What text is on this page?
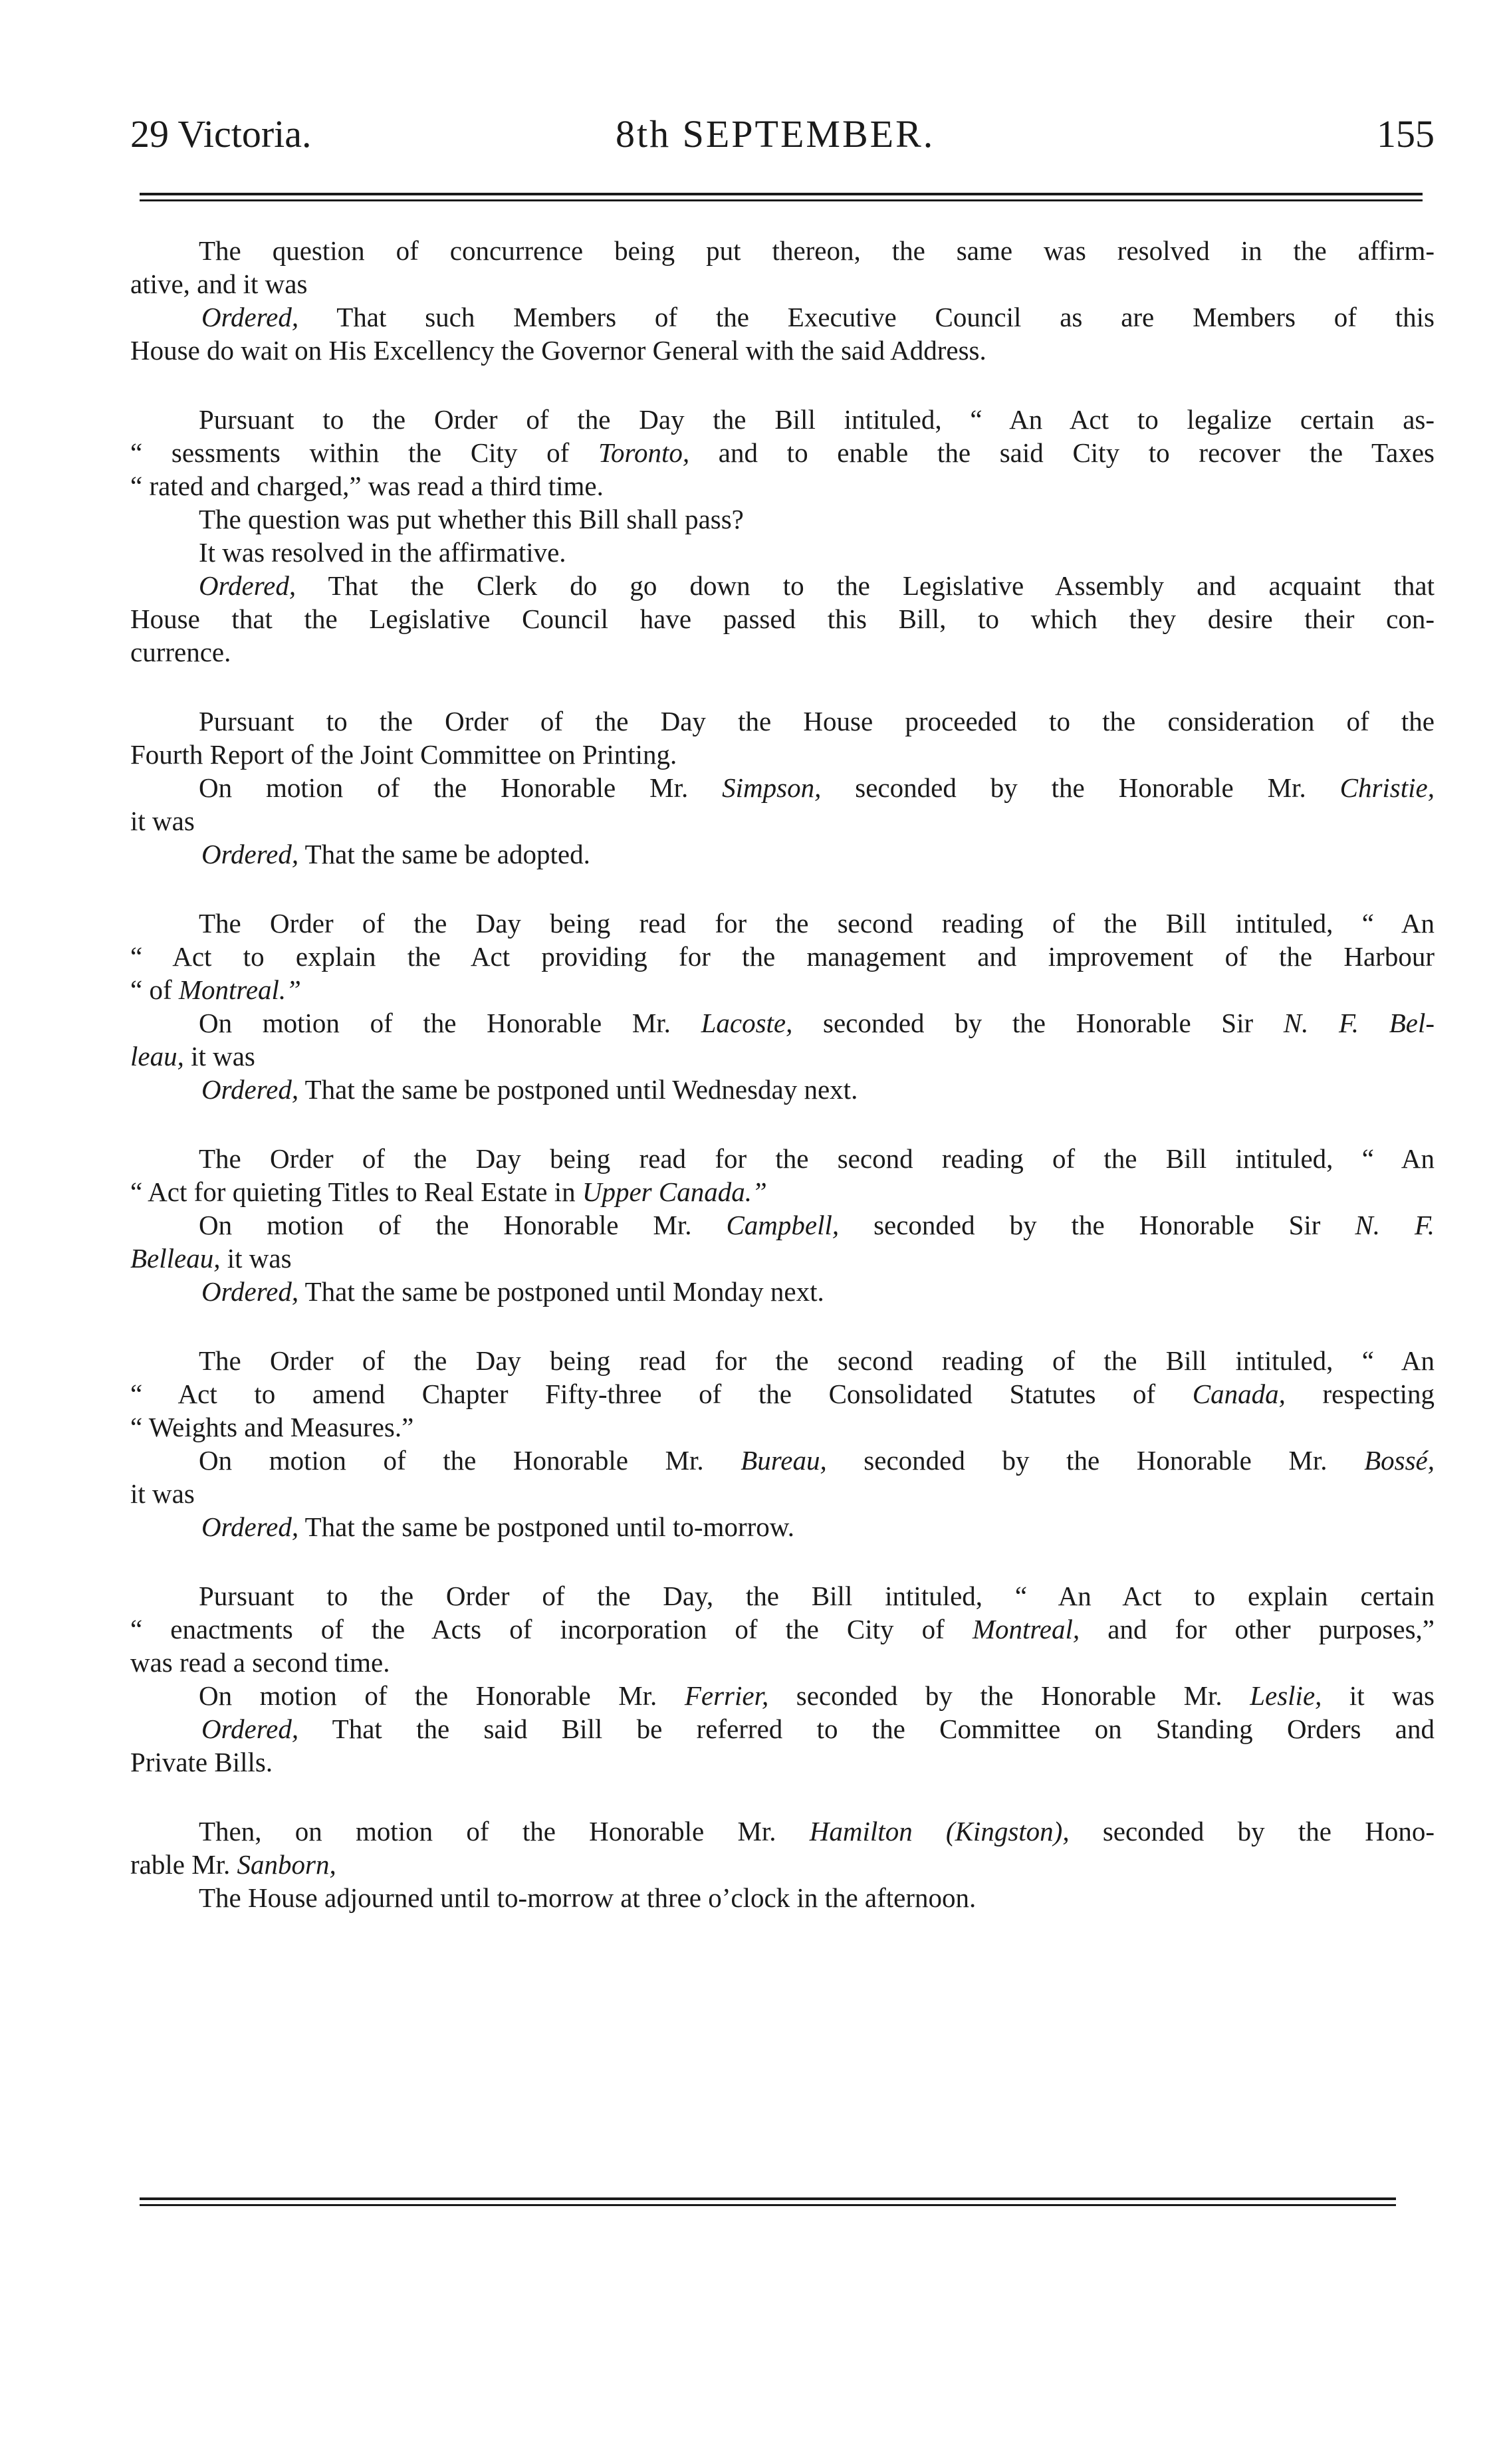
29 Victoria.	8th SEPTEMBER.	155
The question of concurrence being put thereon, the same was resolved in the affirm-
ative, and it was
Ordered, That such Members of the Executive Council as are Members of this
House do wait on His Excellency the Governor General with the said Address.
Pursuant to the Order of the Day the Bill intituled, “ An Act to legalize certain as-
“ sessments within the City of Toronto, and to enable the said City to recover the Taxes
“ rated and charged,” was read a third time.
The question was put whether this Bill shall pass?
It was resolved in the affirmative.
Ordered, That the Clerk do go down to the Legislative Assembly and acquaint that
House that the Legislative Council have passed this Bill, to which they desire their con-
currence.
Pursuant to the Order of the Day the House proceeded to the consideration of the
Fourth Report of the Joint Committee on Printing.
On motion of the Honorable Mr. Simpson, seconded by the Honorable Mr. Christie,
it was
Ordered, That the same be adopted.
The Order of the Day being read for the second reading of the Bill intituled, “ An
“ Act to explain the Act providing for the management and improvement of the Harbour
“ of Montreal.”
On motion of the Honorable Mr. Lacoste, seconded by the Honorable Sir N. F. Bel-
leau, it was
Ordered, That the same be postponed until Wednesday next.
The Order of the Day being read for the second reading of the Bill intituled, “ An
“ Act for quieting Titles to Real Estate in Upper Canada.”
On motion of the Honorable Mr. Campbell, seconded by the Honorable Sir N. F.
Belleau, it was
Ordered, That the same be postponed until Monday next.
The Order of the Day being read for the second reading of the Bill intituled, “ An
“ Act to amend Chapter Fifty-three of the Consolidated Statutes of Canada, respecting
“ Weights and Measures.”
On motion of the Honorable Mr. Bureau, seconded by the Honorable Mr. Bossé,
it was
Ordered, That the same be postponed until to-morrow.
Pursuant to the Order of the Day, the Bill intituled, “ An Act to explain certain
“ enactments of the Acts of incorporation of the City of Montreal, and for other purposes,”
was read a second time.
On motion of the Honorable Mr. Ferrier, seconded by the Honorable Mr. Leslie, it was
Ordered, That the said Bill be referred to the Committee on Standing Orders and
Private Bills.
Then, on motion of the Honorable Mr. Hamilton (Kingston), seconded by the Hono-
rable Mr. Sanborn,
The House adjourned until to-morrow at three o’clock in the afternoon.
